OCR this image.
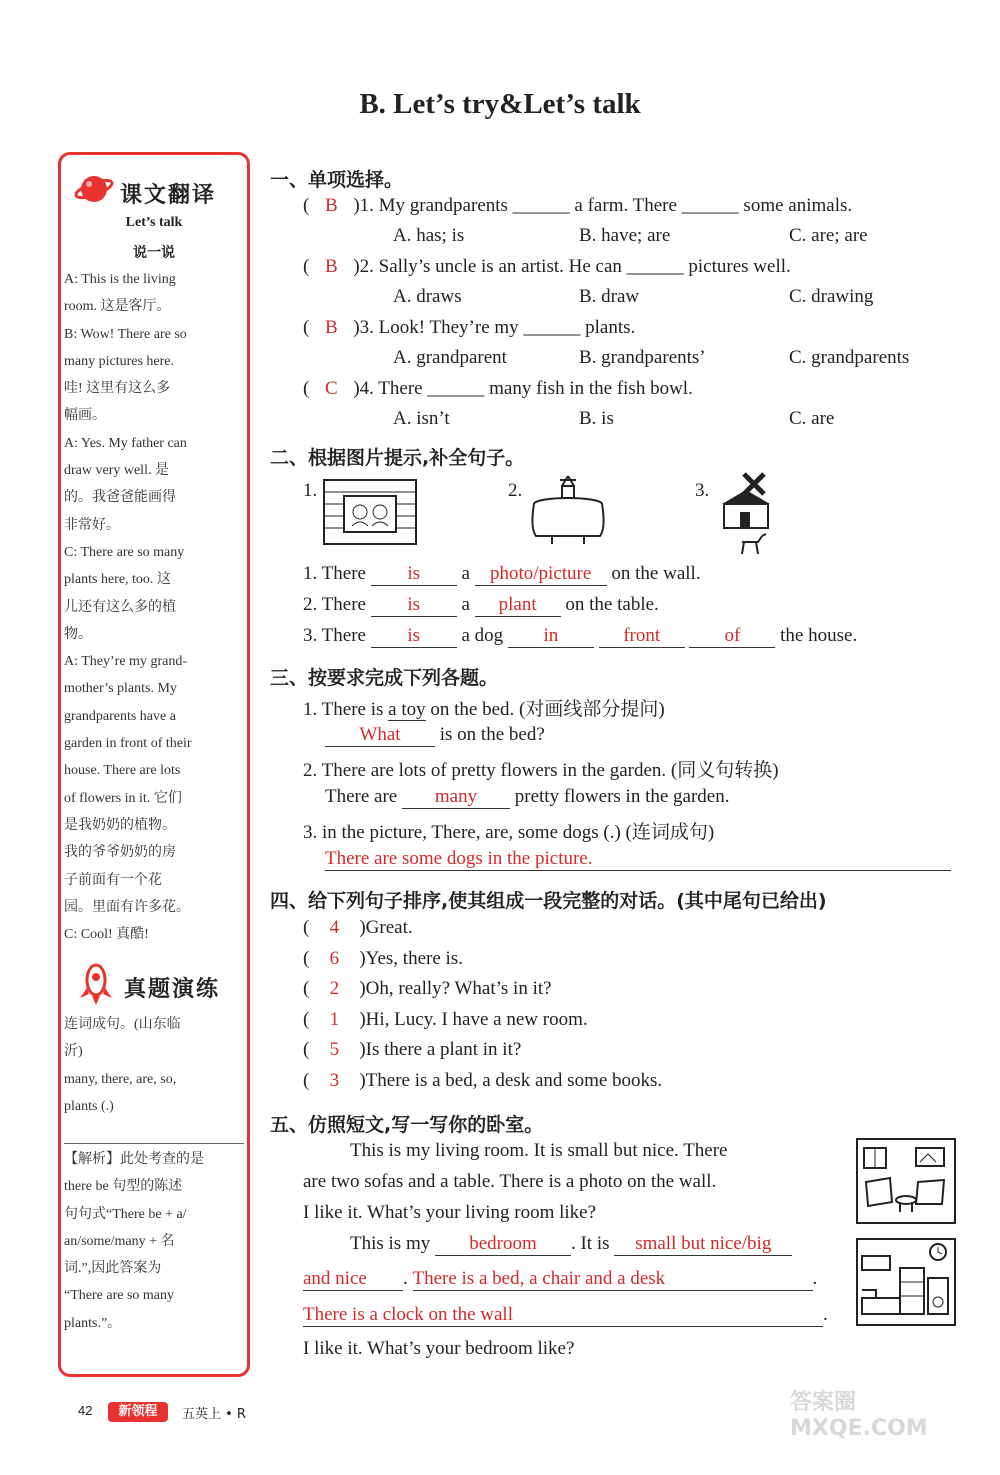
B. Let’s try&Let’s talk
课文翻译
Let’s talk
说一说

A: This is the living

room. 这是客厅。

B: Wow! There are so

many pictures here.

哇! 这里有这么多

幅画。

A: Yes. My father can

draw very well. 是

的。我爸爸能画得

非常好。

C: There are so many

plants here, too. 这

儿还有这么多的植

物。

A: They’re my grand-

mother’s plants. My

grandparents have a

garden in front of their

house. There are lots

of flowers in it. 它们

是我奶奶的植物。

我的爷爷奶奶的房

子前面有一个花

园。里面有许多花。

C: Cool! 真酷!

真题演练

连词成句。(山东临

沂)

many, there, are, so,

plants (.)

【解析】此处考查的是

there be 句型的陈述

句句式“There be + a/

an/some/many + 名

词.”,因此答案为

“There are so many

plants.”。

一、单项选择。
( B )1. My grandparents ______ a farm. There ______ some animals.
A. has; is	B. have; are	C. are; are
( B )2. Sally’s uncle is an artist. He can ______ pictures well.
A. draws	B. draw	C. drawing
( B )3. Look! They’re my ______ plants.
A. grandparent	B. grandparents’	C. grandparents
( C )4. There ______ many fish in the fish bowl.
A. isn’t	B. is	C. are
二、根据图片提示,补全句子。
1.	2.	3.
1. There is a photo/picture on the wall.
2. There is a plant on the table.
3. There is a dog in	front	of the house.
三、按要求完成下列各题。
1. There is a toy on the bed. (对画线部分提问)
What is on the bed?
2. There are lots of pretty flowers in the garden. (同义句转换)
There are many pretty flowers in the garden.
3. in the picture, There, are, some dogs (.) (连词成句)
There are some dogs in the picture.
四、给下列句子排序,使其组成一段完整的对话。(其中尾句已给出)
( 4 )Great.
( 6 )Yes, there is.
( 2 )Oh, really? What’s in it?
( 1 )Hi, Lucy. I have a new room.
( 5 )Is there a plant in it?
( 3 )There is a bed, a desk and some books.
五、仿照短文,写一写你的卧室。
This is my living room. It is small but nice. There
are two sofas and a table. There is a photo on the wall.
I like it. What’s your living room like?
This is my bedroom . It is small but nice/big
and nice . There is a bed, a chair and a desk	.
There is a clock on the wall	.
I like it. What’s your bedroom like?
42	新领程	五英上 • R	答案圈 MXQE.COM
